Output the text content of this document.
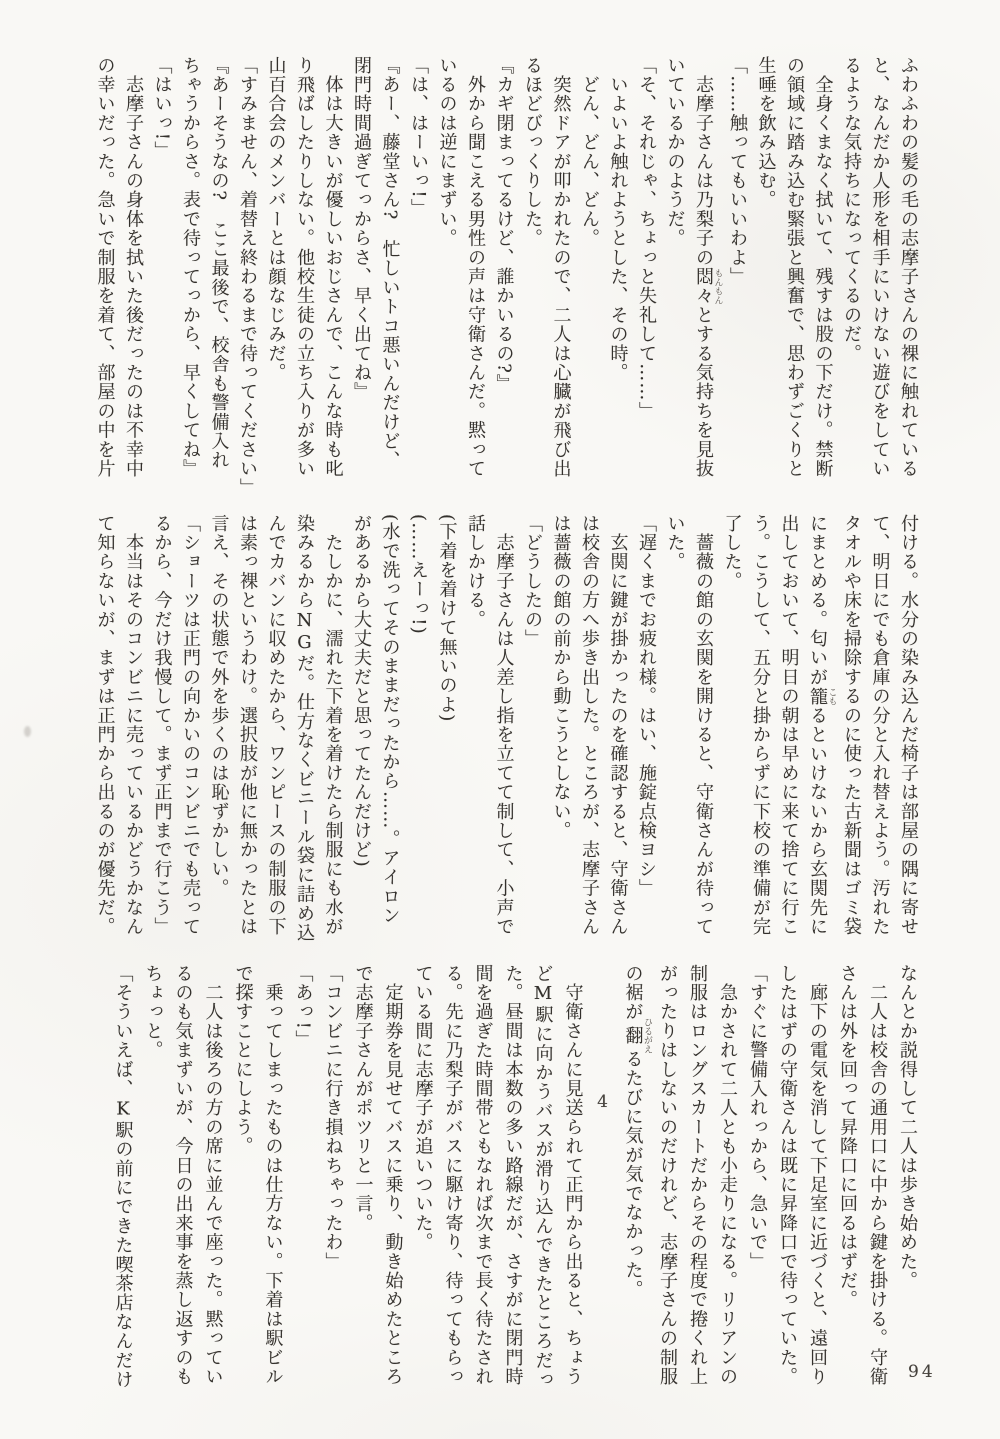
ふわふわの髪の毛の志摩子さんの裸に触れている
と、なんだか人形を相手にいけない遊びをしてい
るような気持ちになってくるのだ。
　全身くまなく拭いて、残すは股の下だけ。禁断
の領域に踏み込む緊張と興奮で、思わずごくりと
生唾を飲み込む。
「……触ってもいいわよ」
　志摩子さんは乃梨子の悶々もんもんとする気持ちを見抜
いているかのようだ。
「そ、それじゃ、ちょっと失礼して……」
　いよいよ触れようとした、その時。
　どん、どん、どん。
　突然ドアが叩かれたので、二人は心臓が飛び出
るほどびっくりした。
『カギ閉まってるけど、誰かいるの?』
　外から聞こえる男性の声は守衛さんだ。黙って
いるのは逆にまずい。
「は、はーいっ!」
『あー、藤堂さん?　忙しいトコ悪いんだけど、
閉門時間過ぎてっからさ、早く出てね』
　体は大きいが優しいおじさんで、こんな時も叱
り飛ばしたりしない。他校生徒の立ち入りが多い
山百合会のメンバーとは顔なじみだ。
「すみません、着替え終わるまで待ってください」
『あーそうなの?　ここ最後で、校舎も警備入れ
ちゃうからさ。表で待ってっから、早くしてね』
「はいっ!」
　志摩子さんの身体を拭いた後だったのは不幸中
の幸いだった。急いで制服を着て、部屋の中を片
付ける。水分の染み込んだ椅子は部屋の隅に寄せ
て、明日にでも倉庫の分と入れ替えよう。汚れた
タオルや床を掃除するのに使った古新聞はゴミ袋
にまとめる。匂いが籠こもるといけないから玄関先に
出しておいて、明日の朝は早めに来て捨てに行こ
う。こうして、五分と掛からずに下校の準備が完
了した。
　薔薇の館の玄関を開けると、守衛さんが待って
いた。
「遅くまでお疲れ様。はい、施錠点検ヨシ」
　玄関に鍵が掛かったのを確認すると、守衛さん
は校舎の方へ歩き出した。ところが、志摩子さん
は薔薇の館の前から動こうとしない。
「どうしたの」
　志摩子さんは人差し指を立てて制して、小声で
話しかける。
(下着を着けて無いのよ)
(……えーっ!)
(水で洗ってそのままだったから……。アイロン
があるから大丈夫だと思ってたんだけど)
　たしかに、濡れた下着を着けたら制服にも水が
染みるからNGだ。仕方なくビニール袋に詰め込
んでカバンに収めたから、ワンピースの制服の下
は素っ裸というわけ。選択肢が他に無かったとは
言え、その状態で外を歩くのは恥ずかしい。
「ショーツは正門の向かいのコンビニでも売って
るから、今だけ我慢して。まず正門まで行こう」
　本当はそのコンビニに売っているかどうかなん
て知らないが、まずは正門から出るのが優先だ。
なんとか説得して二人は歩き始めた。
　二人は校舎の通用口に中から鍵を掛ける。守衛
さんは外を回って昇降口に回るはずだ。
　廊下の電気を消して下足室に近づくと、遠回り
したはずの守衛さんは既に昇降口で待っていた。
「すぐに警備入れっから、急いで」
　急かされて二人とも小走りになる。リリアンの
制服はロングスカートだからその程度で捲くれ上
がったりはしないのだけれど、志摩子さんの制服
の裾が翻ひるがえるたびに気が気でなかった。
4
　守衛さんに見送られて正門から出ると、ちょう
どM駅に向かうバスが滑り込んできたところだっ
た。昼間は本数の多い路線だが、さすがに閉門時
間を過ぎた時間帯ともなれば次まで長く待たされ
る。先に乃梨子がバスに駆け寄り、待ってもらっ
ている間に志摩子が追いついた。
　定期券を見せてバスに乗り、動き始めたところ
で志摩子さんがポツリと一言。
「コンビニに行き損ねちゃったわ」
「あっ!」
　乗ってしまったものは仕方ない。下着は駅ビル
で探すことにしよう。
　二人は後ろの方の席に並んで座った。黙ってい
るのも気まずいが、今日の出来事を蒸し返すのも
ちょっと。
「そういえば、K駅の前にできた喫茶店なんだけ	94
